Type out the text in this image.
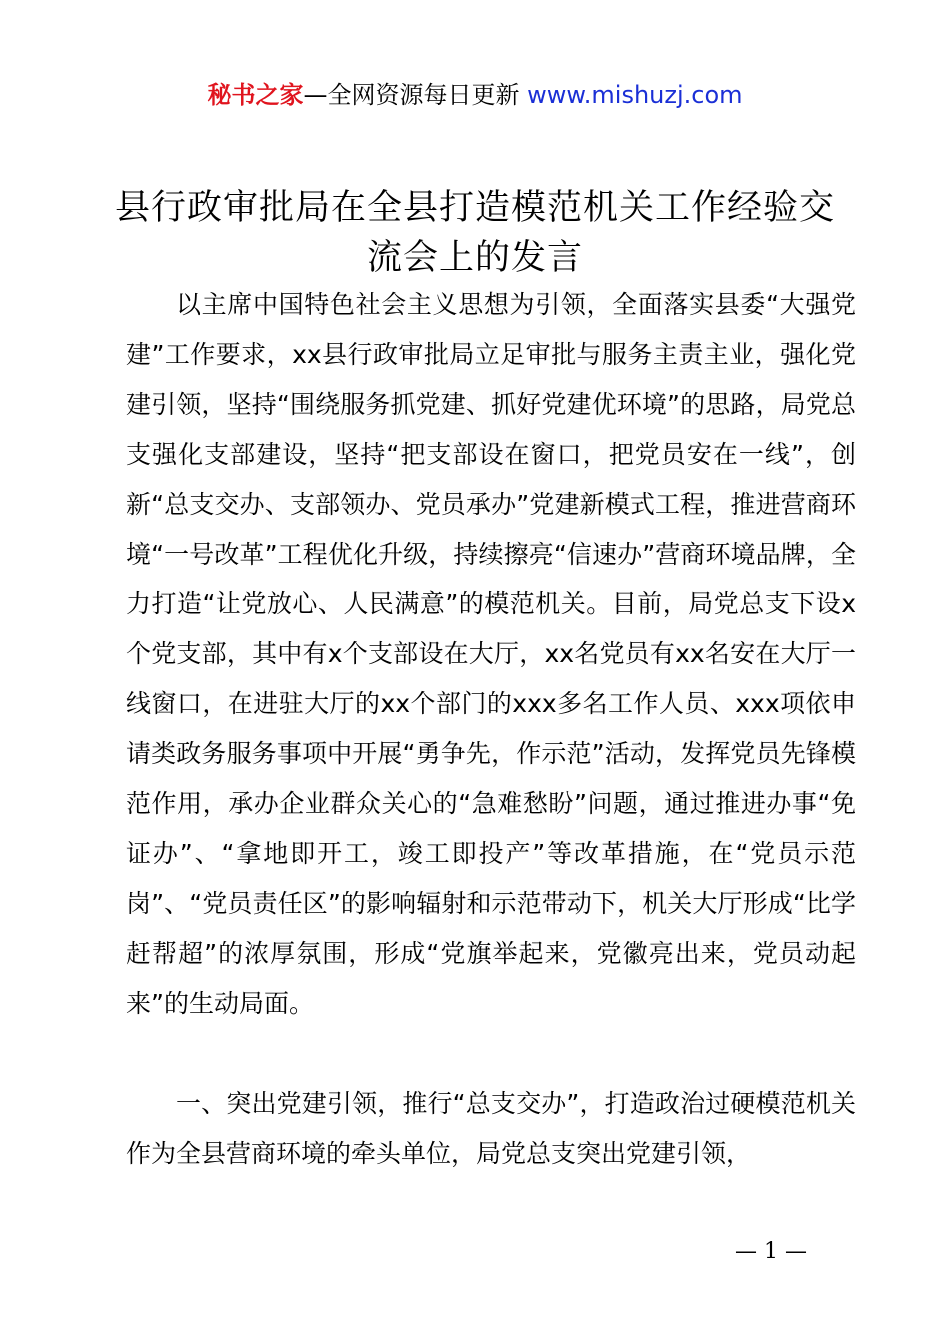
秘书之家—全网资源每日更新 www.mishuzj.com
县行政审批局在全县打造模范机关工作经验交流会上的发言

以主席中国特色社会主义思想为引领，全面落实县委“大强党建”工作要求，xx县行政审批局立足审批与服务主责主业，强化党建引领，坚持“围绕服务抓党建、抓好党建优环境”的思路，局党总支强化支部建设，坚持“把支部设在窗口，把党员安在一线”，创新“总支交办、支部领办、党员承办”党建新模式工程，推进营商环境“一号改革”工程优化升级，持续擦亮“信速办”营商环境品牌，全力打造“让党放心、人民满意”的模范机关。目前，局党总支下设x个党支部，其中有x个支部设在大厅，xx名党员有xx名安在大厅一线窗口，在进驻大厅的xx个部门的xxx多名工作人员、xxx项依申请类政务服务事项中开展“勇争先，作示范”活动，发挥党员先锋模范作用，承办企业群众关心的“急难愁盼”问题，通过推进办事“免证办”、“拿地即开工，竣工即投产”等改革措施，在“党员示范岗”、“党员责任区”的影响辐射和示范带动下，机关大厅形成“比学赶帮超”的浓厚氛围，形成“党旗举起来，党徽亮出来，党员动起来”的生动局面。

一、突出党建引领，推行“总支交办”，打造政治过硬模范机关作为全县营商环境的牵头单位，局党总支突出党建引领，

— 1 —
